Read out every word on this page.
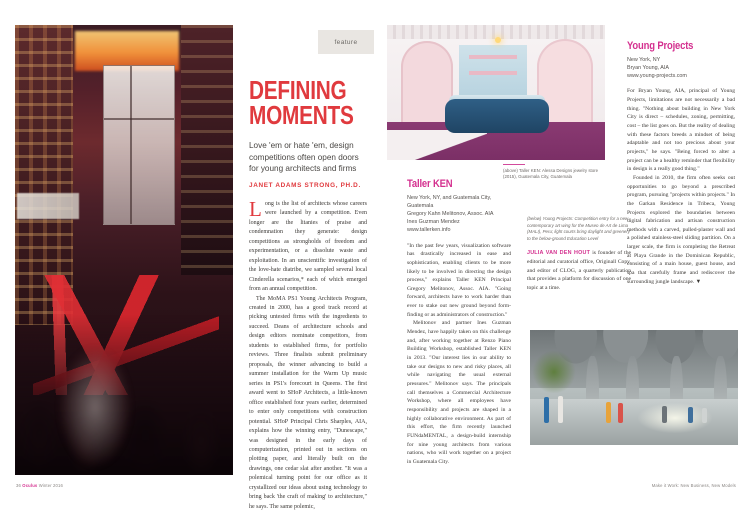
feature
DEFINING
MOMENTS
Love 'em or hate 'em, design competitions often open doors for young architects and firms
JANET ADAMS STRONG, PH.D.

Long is the list of architects whose careers were launched by a competition. Even longer are the litanies of praise and condemnation they generate: design competitions as strongholds of freedom and experimentation, or a dissolute waste and exploitation. In an unscientific investigation of the love-hate diatribe, we sampled several local Cinderella scenarios,* each of which emerged from an annual competition.

The MoMA PS1 Young Architects Program, created in 2000, has a good track record at picking untested firms with the ingredients to succeed. Deans of architecture schools and design editors nominate competitors, from students to established firms, for portfolio reviews. Three finalists submit preliminary proposals, the winner advancing to build a summer installation for the Warm Up music series in PS1's forecourt in Queens. The first award went to SHoP Architects, a little-known office established four years earlier, determined to enter only competitions with construction potential. SHoP Principal Chris Sharples, AIA, explains how the winning entry, "Dunescape," was designed in the early days of computerization, printed out in sections on plotting paper, and literally built on the drawings, one cedar slat after another. "It was a polemical turning point for our office as it crystallized our ideas about using technology to bring back 'the craft of making' to architecture," he says. The same polemic,

36 Oculus Winter 2016
(above) Taller KEN: Alessa Designs jewelry store (2015), Guatemala City, Guatemala
Taller KEN
New York, NY, and Guatemala City,
Guatemala
Gregory Kahn Melitonov, Assoc. AIA
Ines Guzman Mendez
www.tallerken.info

"In the past few years, visualization software has drastically increased in ease and sophistication, enabling clients to be more likely to be involved in directing the design process," explains Taller KEN Principal Gregory Melitonov, Assoc. AIA. "Going forward, architects have to work harder than ever to stake out new ground beyond form-finding or as administrators of construction."

Melitonov and partner Ines Guzman Mendez, have happily taken on this challenge and, after working together at Renzo Piano Building Workshop, established Taller KEN in 2013. "Our interest lies in our ability to take our designs to new and risky places, all while navigating the usual external pressures." Melitonov says. The principals call themselves a Commercial Architecture Workshop, where all employees have responsibility and projects are shaped in a highly collaborative environment. As part of this effort, the firm recently launched FUNdaMENTAL, a design-build internship for nine young architects from various nations, who will work together on a project in Guatemala City.

(below) Young Projects: Competition entry for a new contemporary art wing for the Museo de Art de Lima (MALI), Peru; light courts bring daylight and greenery to the below-ground Education Level

JULIA VAN DEN HOUT is founder of the editorial and curatorial office, Originall Copy, and editor of CLOG, a quarterly publication that provides a platform for discussion of one topic at a time.

Young Projects
New York, NY
Bryan Young, AIA
www.young-projects.com

For Bryan Young, AIA, principal of Young Projects, limitations are not necessarily a bad thing. "Nothing about building in New York City is direct – schedules, zoning, permitting, cost – the list goes on. But the reality of dealing with these factors breeds a mindset of being adaptable and not too precious about your projects," he says. "Being forced to alter a project can be a healthy reminder that flexibility in design is a really good thing."

Founded in 2010, the firm often seeks out opportunities to go beyond a prescribed program, pursuing "projects within projects." In the Garkan Residence in Tribeca, Young Projects explored the boundaries between digital fabrication and artisan construction methods with a carved, pulled-plaster wall and a polished stainless-steel sliding partition. On a larger scale, the firm is completing the Retreat at Playa Grande in the Dominican Republic, consisting of a main house, guest house, and spa that carefully frame and rediscover the surrounding jungle landscape. ▼

Make it Work: New Business, New Models
